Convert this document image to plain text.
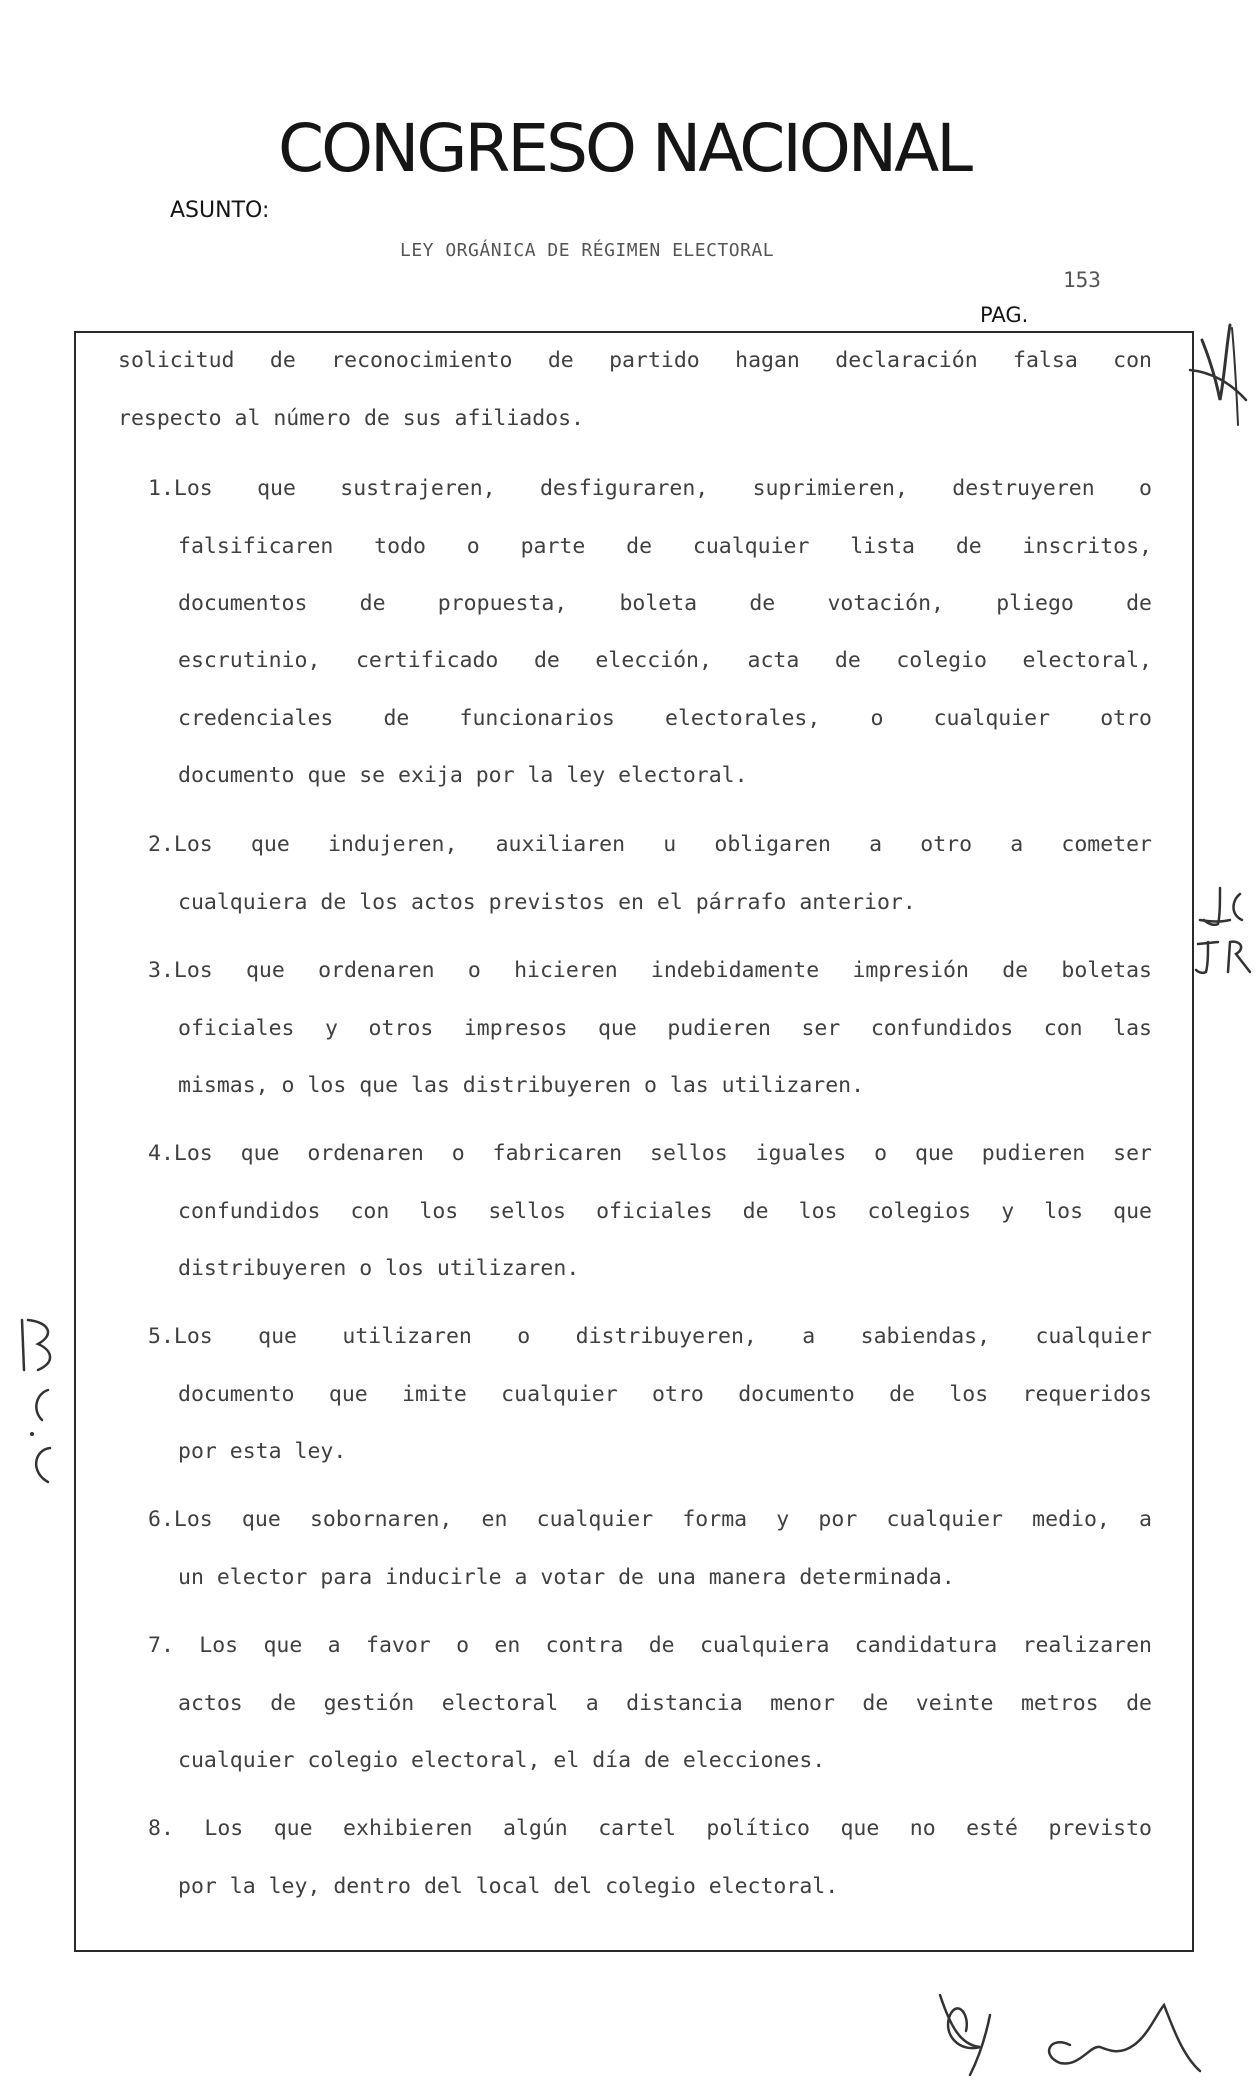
CONGRESO NACIONAL
ASUNTO:
LEY ORGÁNICA DE RÉGIMEN ELECTORAL
153
PAG.
solicitud de reconocimiento de partido hagan declaración falsa con
respecto al número de sus afiliados.
1.Los que sustrajeren, desfiguraren, suprimieren, destruyeren o
falsificaren todo o parte de cualquier lista de inscritos,
documentos de propuesta, boleta de votación, pliego de
escrutinio, certificado de elección, acta de colegio electoral,
credenciales de funcionarios electorales, o cualquier otro
documento que se exija por la ley electoral.
2.Los que indujeren, auxiliaren u obligaren a otro a cometer
cualquiera de los actos previstos en el párrafo anterior.
3.Los que ordenaren o hicieren indebidamente impresión de boletas
oficiales y otros impresos que pudieren ser confundidos con las
mismas, o los que las distribuyeren o las utilizaren.
4.Los que ordenaren o fabricaren sellos iguales o que pudieren ser
confundidos con los sellos oficiales de los colegios y los que
distribuyeren o los utilizaren.
5.Los que utilizaren o distribuyeren, a sabiendas, cualquier
documento que imite cualquier otro documento de los requeridos
por esta ley.
6.Los que sobornaren, en cualquier forma y por cualquier medio, a
un elector para inducirle a votar de una manera determinada.
7. Los que a favor o en contra de cualquiera candidatura realizaren
actos de gestión electoral a distancia menor de veinte metros de
cualquier colegio electoral, el día de elecciones.
8. Los que exhibieren algún cartel político que no esté previsto
por la ley, dentro del local del colegio electoral.
